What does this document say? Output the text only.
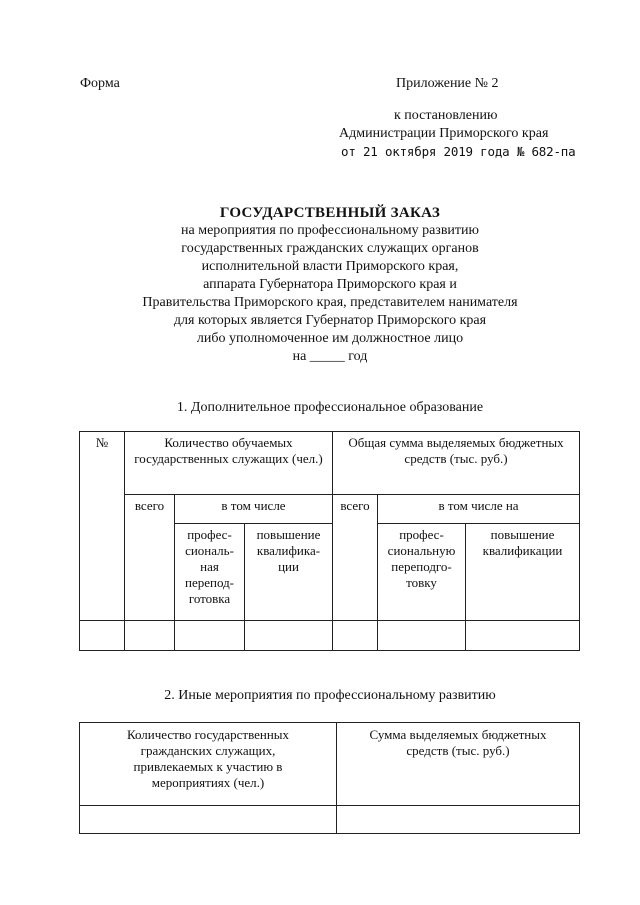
Форма	Приложение № 2
к постановлению
Администрации Приморского края
от 21 октября 2019 года № 682-па
ГОСУДАРСТВЕННЫЙ ЗАКАЗ
на мероприятия по профессиональному развитию
государственных гражданских служащих органов
исполнительной власти Приморского края,
аппарата Губернатора Приморского края и
Правительства Приморского края, представителем нанимателя
для которых является Губернатор Приморского края
либо уполномоченное им должностное лицо
на _____ год
1. Дополнительное профессиональное образование
№	Количество обучаемых государственных служащих (чел.)			Общая сумма выделяемых бюджетных средств (тыс. руб.)		
	всего	в том числе		всего	в том числе на	
		профес-сиональ-ная перепод-готовка	повышение квалифика-ции		профес-сиональную переподго-товку	повышение квалификации

2. Иные мероприятия по профессиональному развитию
Количество государственных гражданских служащих, привлекаемых к участию в мероприятиях (чел.)	Сумма выделяемых бюджетных средств (тыс. руб.)
